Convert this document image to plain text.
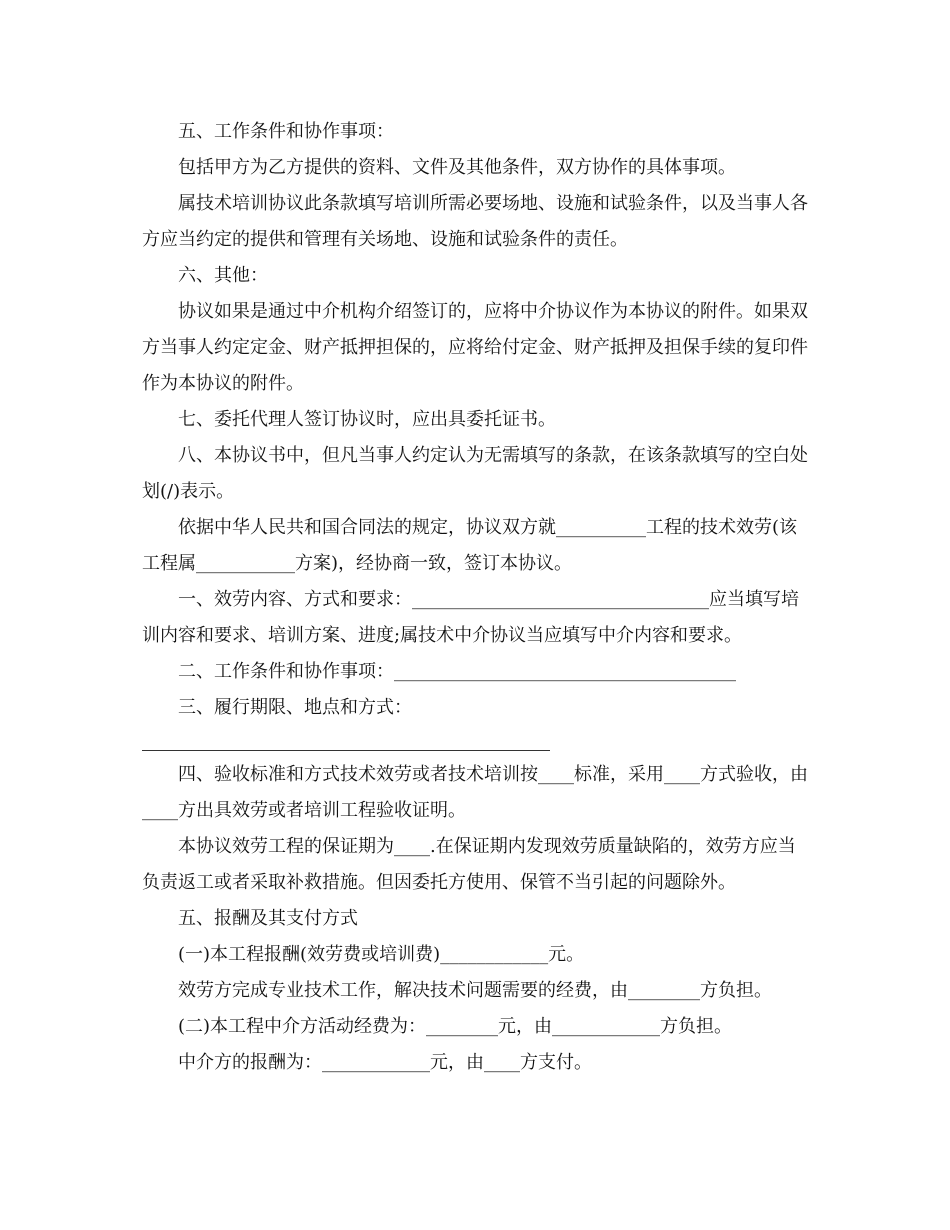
五、工作条件和协作事项：

包括甲方为乙方提供的资料、文件及其他条件，双方协作的具体事项。

属技术培训协议此条款填写培训所需必要场地、设施和试验条件，以及当事人各方应当约定的提供和管理有关场地、设施和试验条件的责任。

六、其他：

协议如果是通过中介机构介绍签订的，应将中介协议作为本协议的附件。如果双方当事人约定定金、财产抵押担保的，应将给付定金、财产抵押及担保手续的复印件作为本协议的附件。

七、委托代理人签订协议时，应出具委托证书。

八、本协议书中，但凡当事人约定认为无需填写的条款，在该条款填写的空白处划(/)表示。

依据中华人民共和国合同法的规定，协议双方就__________工程的技术效劳(该工程属___________方案)，经协商一致，签订本协议。

一、效劳内容、方式和要求：_________________________________应当填写培训内容和要求、培训方案、进度;属技术中介协议当应填写中介内容和要求。

二、工作条件和协作事项：______________________________________

三、履行期限、地点和方式：

四、验收标准和方式技术效劳或者技术培训按____标准，采用____方式验收，由____方出具效劳或者培训工程验收证明。

本协议效劳工程的保证期为____.在保证期内发现效劳质量缺陷的，效劳方应当负责返工或者采取补救措施。但因委托方使用、保管不当引起的问题除外。

五、报酬及其支付方式

(一)本工程报酬(效劳费或培训费)____________元。

效劳方完成专业技术工作，解决技术问题需要的经费，由________方负担。

(二)本工程中介方活动经费为：________元，由____________方负担。

中介方的报酬为：____________元，由____方支付。
